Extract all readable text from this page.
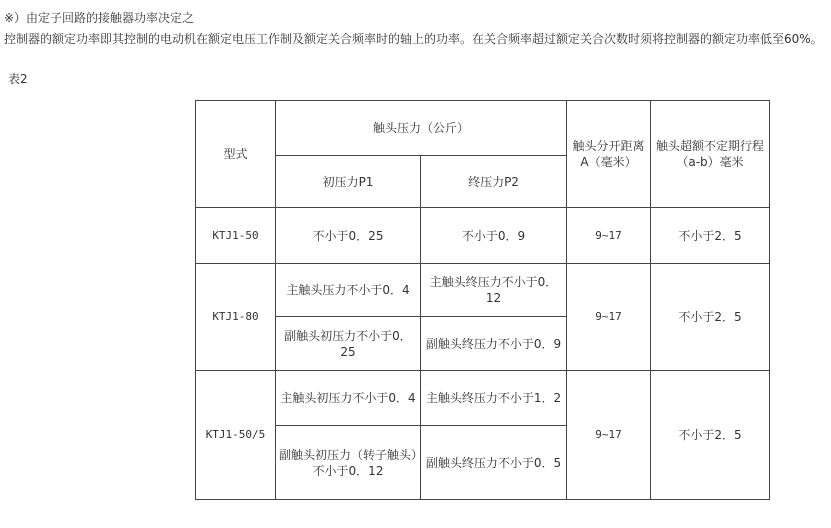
※）由定子回路的接触器功率决定之
控制器的额定功率即其控制的电动机在额定电压工作制及额定关合频率时的轴上的功率。在关合频率超过额定关合次数时须将控制器的额定功率低至60%。
表2
型式	触头压力（公斤）		触头分开距离A（毫米）	触头超额不定期行程（a-b）毫米
	初压力P1	终压力P2		
KTJ1-50	不小于0．25	不小于0．9	9~17	不小于2．5
KTJ1-80	主触头压力不小于0．4	主触头终压力不小于0．12	9~17	不小于2．5
	副触头初压力不小于0．25	副触头终压力不小于0．9		
KTJ1-50/5	主触头初压力不小于0．4	主触头终压力不小于1．2	9~17	不小于2．5
	副触头初压力（转子触头）不小于0．12	副触头终压力不小于0．5		
